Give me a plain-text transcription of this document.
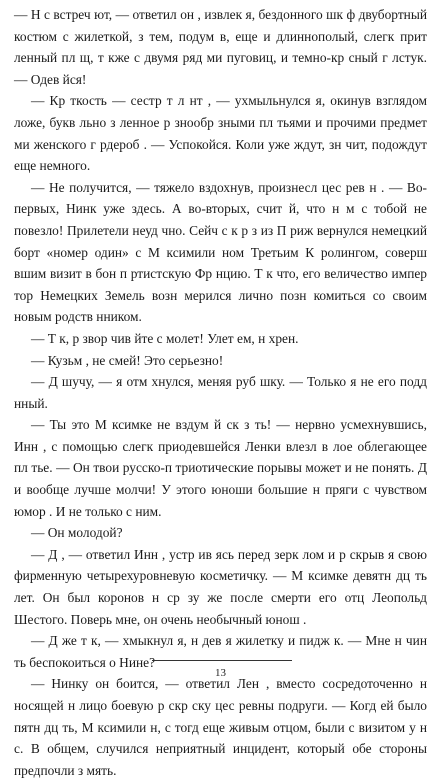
— Н с встреч ют, — ответил он , извлек я, бездонного шк ф двубортный костюм с жилеткой, з тем, подум в, еще и длиннополый, слегк прит ленный пл щ, т кже с двумя ряд ми пуговиц, и темно-кр сный г лстук. — Одев йся!

— Кр ткость — сестр т л нт , — ухмыльнулся я, окинув взглядом ложе, букв льно з ленное р знообр зными пл тьями и прочими предмет ми женского г рдероб . — Успокойся. Коли уже ждут, зн чит, подождут еще немного.

— Не получится, — тяжело вздохнув, произнесл цес рев н . — Во-первых, Нинк уже здесь. А во-вторых, счит й, что н м с тобой не повезло! Прилетели неуд чно. Сейч с к р з из П риж вернулся немецкий борт «номер один» с М ксимили ном Третьим К ролингом, соверш вшим визит в бон п ртистскую Фр нцию. Т к что, его величество импер тор Немецких Земель возн мерился лично позн комиться со своим новым родств нником.

— Т к, р звор чив йте с молет! Улет ем, н хрен.

— Кузьм , не смей! Это серьезно!

— Д шучу, — я отм хнулся, меняя руб шку. — Только я не его подд нный.

— Ты это М ксимке не вздум й ск з ть! — нервно усмехнувшись, Инн , с помощью слегк приодевшейся Ленки влезл в лое облегающее пл тье. — Он твои русско-п триотические порывы может и не понять. Д и вообще лучше молчи! У этого юноши большие н пряги с чувством юмор . И не только с ним.

— Он молодой?

— Д , — ответил Инн , устр ив ясь перед зерк лом и р скрыв я свою фирменную четырехуровневую косметичку. — М ксимке девятн дц ть лет. Он был коронов н ср зу же после смерти его отц Леопольд Шестого. Поверь мне, он очень необычный юнош .

— Д же т к, — хмыкнул я, н дев я жилетку и пидж к. — Мне н чин ть беспокоиться о Нине?

— Нинку он боится, — ответил Лен , вместо сосредоточенно н носящей н лицо боевую р скр ску цес ревны подруги. — Когд ей было пятн дц ть, М ксимили н, с тогд еще живым отцом, были с визитом у н с. В общем, случился неприятный инцидент, который обе стороны предпочли з мять.

13
